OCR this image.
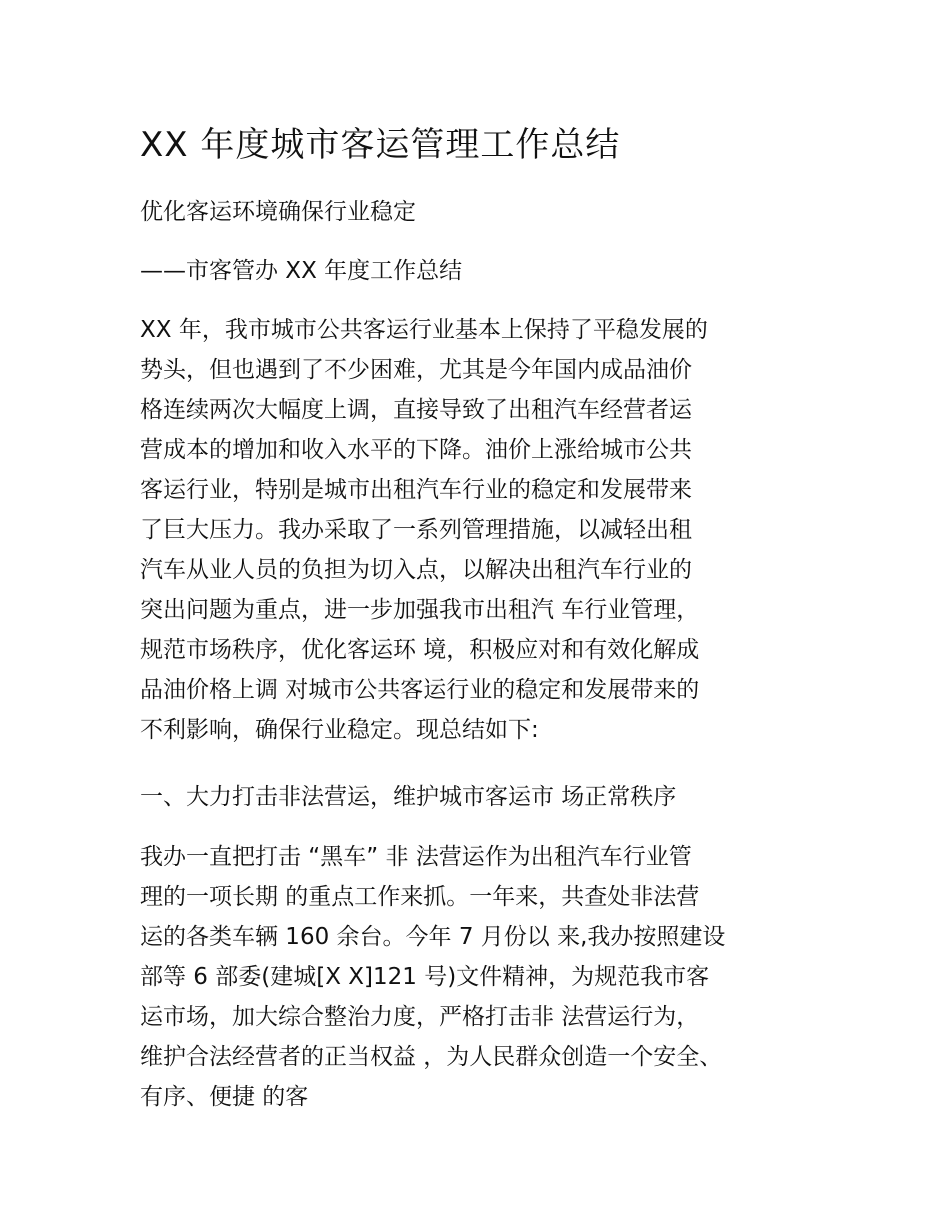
XX 年度城市客运管理工作总结

优化客运环境确保行业稳定

——市客管办 XX 年度工作总结

XX 年，我市城市公共客运行业基本上保持了平稳发展的
势头，但也遇到了不少困难，尤其是今年国内成品油价
格连续两次大幅度上调，直接导致了出租汽车经营者运
营成本的增加和收入水平的下降。油价上涨给城市公共
客运行业，特别是城市出租汽车行业的稳定和发展带来
了巨大压力。我办采取了一系列管理措施，以减轻出租
汽车从业人员的负担为切入点，以解决出租汽车行业的
突出问题为重点，进一步加强我市出租汽 车行业管理，
规范市场秩序，优化客运环 境，积极应对和有效化解成
品油价格上调 对城市公共客运行业的稳定和发展带来的
不利影响，确保行业稳定。现总结如下:

一、大力打击非法营运，维护城市客运市 场正常秩序

我办一直把打击 “黑车” 非 法营运作为出租汽车行业管
理的一项长期 的重点工作来抓。一年来，共查处非法营
运的各类车辆 160 余台。今年 7 月份以 来,我办按照建设
部等 6 部委(建城[X X]121 号)文件精神，为规范我市客
运市场，加大综合整治力度，严格打击非 法营运行为，
维护合法经营者的正当权益 ，为人民群众创造一个安全、
有序、便捷 的客
